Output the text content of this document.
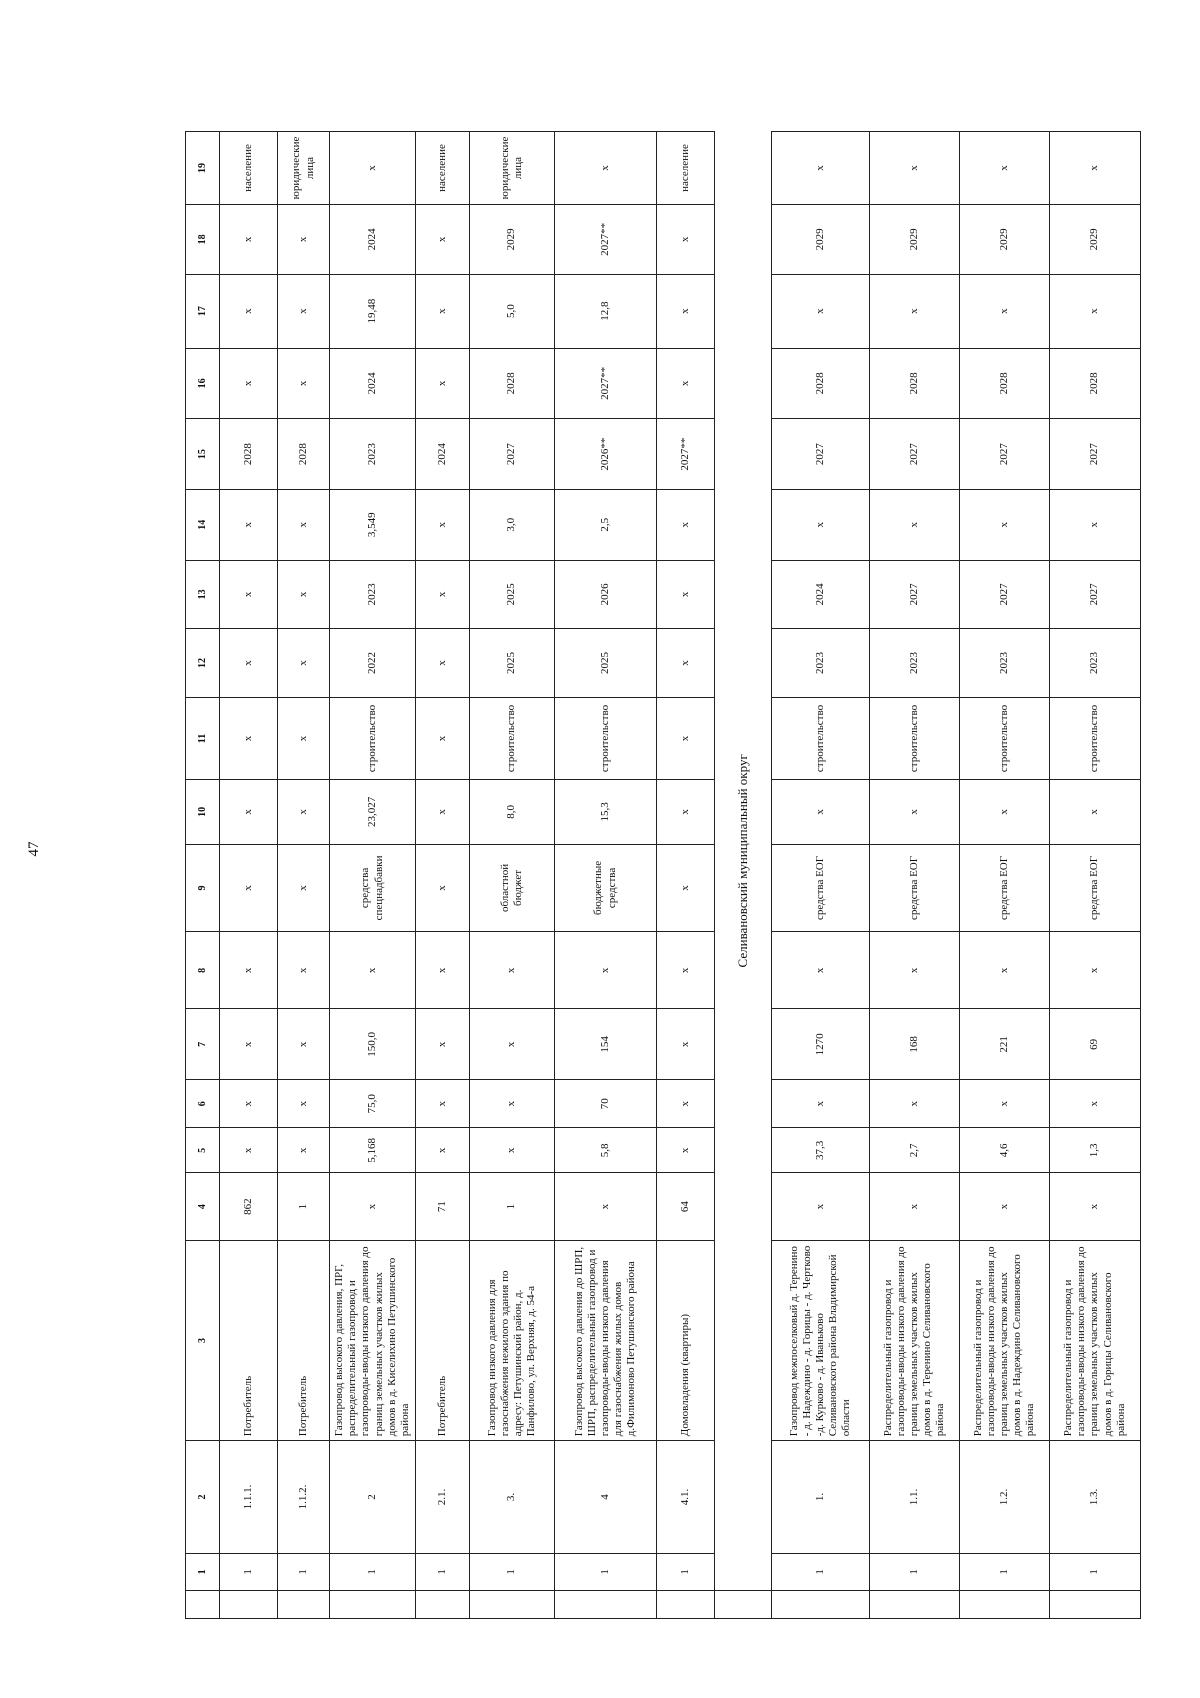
47
	1	2	3	4	5	6	7	8	9	10	11	12	13	14	15	16	17	18	19
	1	1.1.1.	Потребитель	862	х	х	х	х	х	х	х	х	х	х	2028	х	х	х	население
	1	1.1.2.	Потребитель	1	х	х	х	х	х	х	х	х	х	х	2028	х	х	х	юридические лица
	1	2	Газопровод высокого давления, ПРГ, распределительный газопровод и газопроводы-вводы низкого давления до границ земельных участков жилых домов в д. Киселихино Петушинского района	х	5,168	75,0	150,0	х	средства спецнадбавки	23,027	строительство	2022	2023	3,549	2023	2024	19,48	2024	х
	1	2.1.	Потребитель	71	х	х	х	х	х	х	х	х	х	х	2024	х	х	х	население
	1	3.	Газопровод низкого давления для газоснабжения нежилого здания по адресу: Петушинский район, д. Панфилово, ул. Верхняя, д. 54-а	1	х	х	х	х	областной бюджет	8,0	строительство	2025	2025	3,0	2027	2028	5,0	2029	юридические лица
	1	4	Газопровод высокого давления до ШРП, ШРП, распределительный газопровод и газопроводы-вводы низкого давления для газоснабжения жилых домов д.Филимоново Петушинского района	х	5,8	70	154	х	бюджетные средства	15,3	строительство	2025	2026	2,5	2026**	2027**	12,8	2027**	х
	1	4.1.	Домовладения (квартиры)	64	х	х	х	х	х	х	х	х	х	х	2027**	х	х	х	население
	Селивановский муниципальный округ																		
	1	1.	Газопровод межпоселковый д. Теренино - д. Надеждино - д. Горицы - д. Чертково -д. Курково - д. Иваньково Селивановского района Владимирской области	х	37,3	х	1270	х	средства ЕОГ	х	строительство	2023	2024	х	2027	2028	х	2029	х
	1	1.1.	Распределительный газопровод и газопроводы-вводы низкого давления до границ земельных участков жилых домов в д. Теренино Селивановского района	х	2,7	х	168	х	средства ЕОГ	х	строительство	2023	2027	х	2027	2028	х	2029	х
	1	1.2.	Распределительный газопровод и газопроводы-вводы низкого давления до границ земельных участков жилых домов в д. Надеждино Селивановского района	х	4,6	х	221	х	средства ЕОГ	х	строительство	2023	2027	х	2027	2028	х	2029	х
	1	1.3.	Распределительный газопровод и газопроводы-вводы низкого давления до границ земельных участков жилых домов в д. Горицы Селивановского района	х	1,3	х	69	х	средства ЕОГ	х	строительство	2023	2027	х	2027	2028	х	2029	х
